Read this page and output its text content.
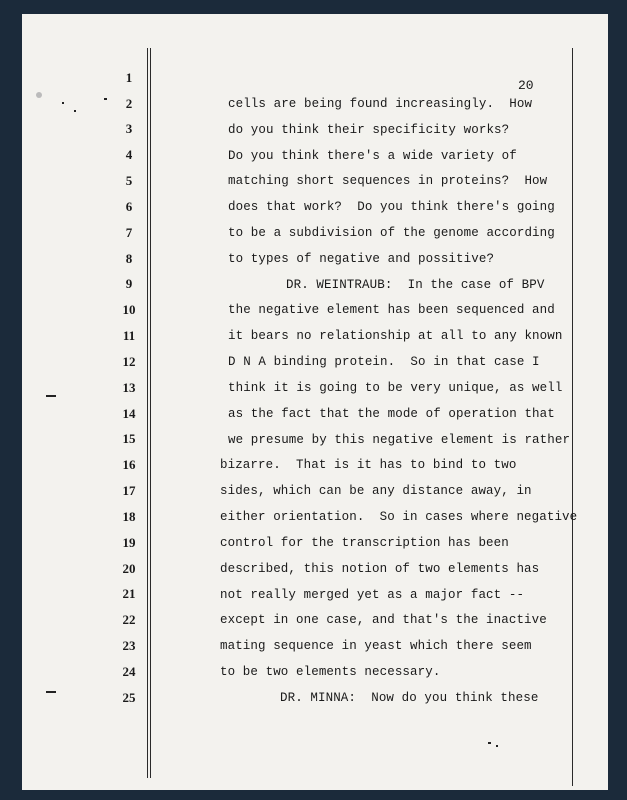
20
1
2
3
4
5
6
7
8
9
10
11
12
13
14
15
16
17
18
19
20
21
22
23
24
25
cells are being found increasingly.  How
do you think their specificity works?
Do you think there's a wide variety of
matching short sequences in proteins?  How
does that work?  Do you think there's going
to be a subdivision of the genome according
to types of negative and possitive?
DR. WEINTRAUB:  In the case of BPV
the negative element has been sequenced and
it bears no relationship at all to any known
D N A binding protein.  So in that case I
think it is going to be very unique, as well
as the fact that the mode of operation that
we presume by this negative element is rather
bizarre.  That is it has to bind to two
sides, which can be any distance away, in
either orientation.  So in cases where negative
control for the transcription has been
described, this notion of two elements has
not really merged yet as a major fact --
except in one case, and that's the inactive
mating sequence in yeast which there seem
to be two elements necessary.
DR. MINNA:  Now do you think these
